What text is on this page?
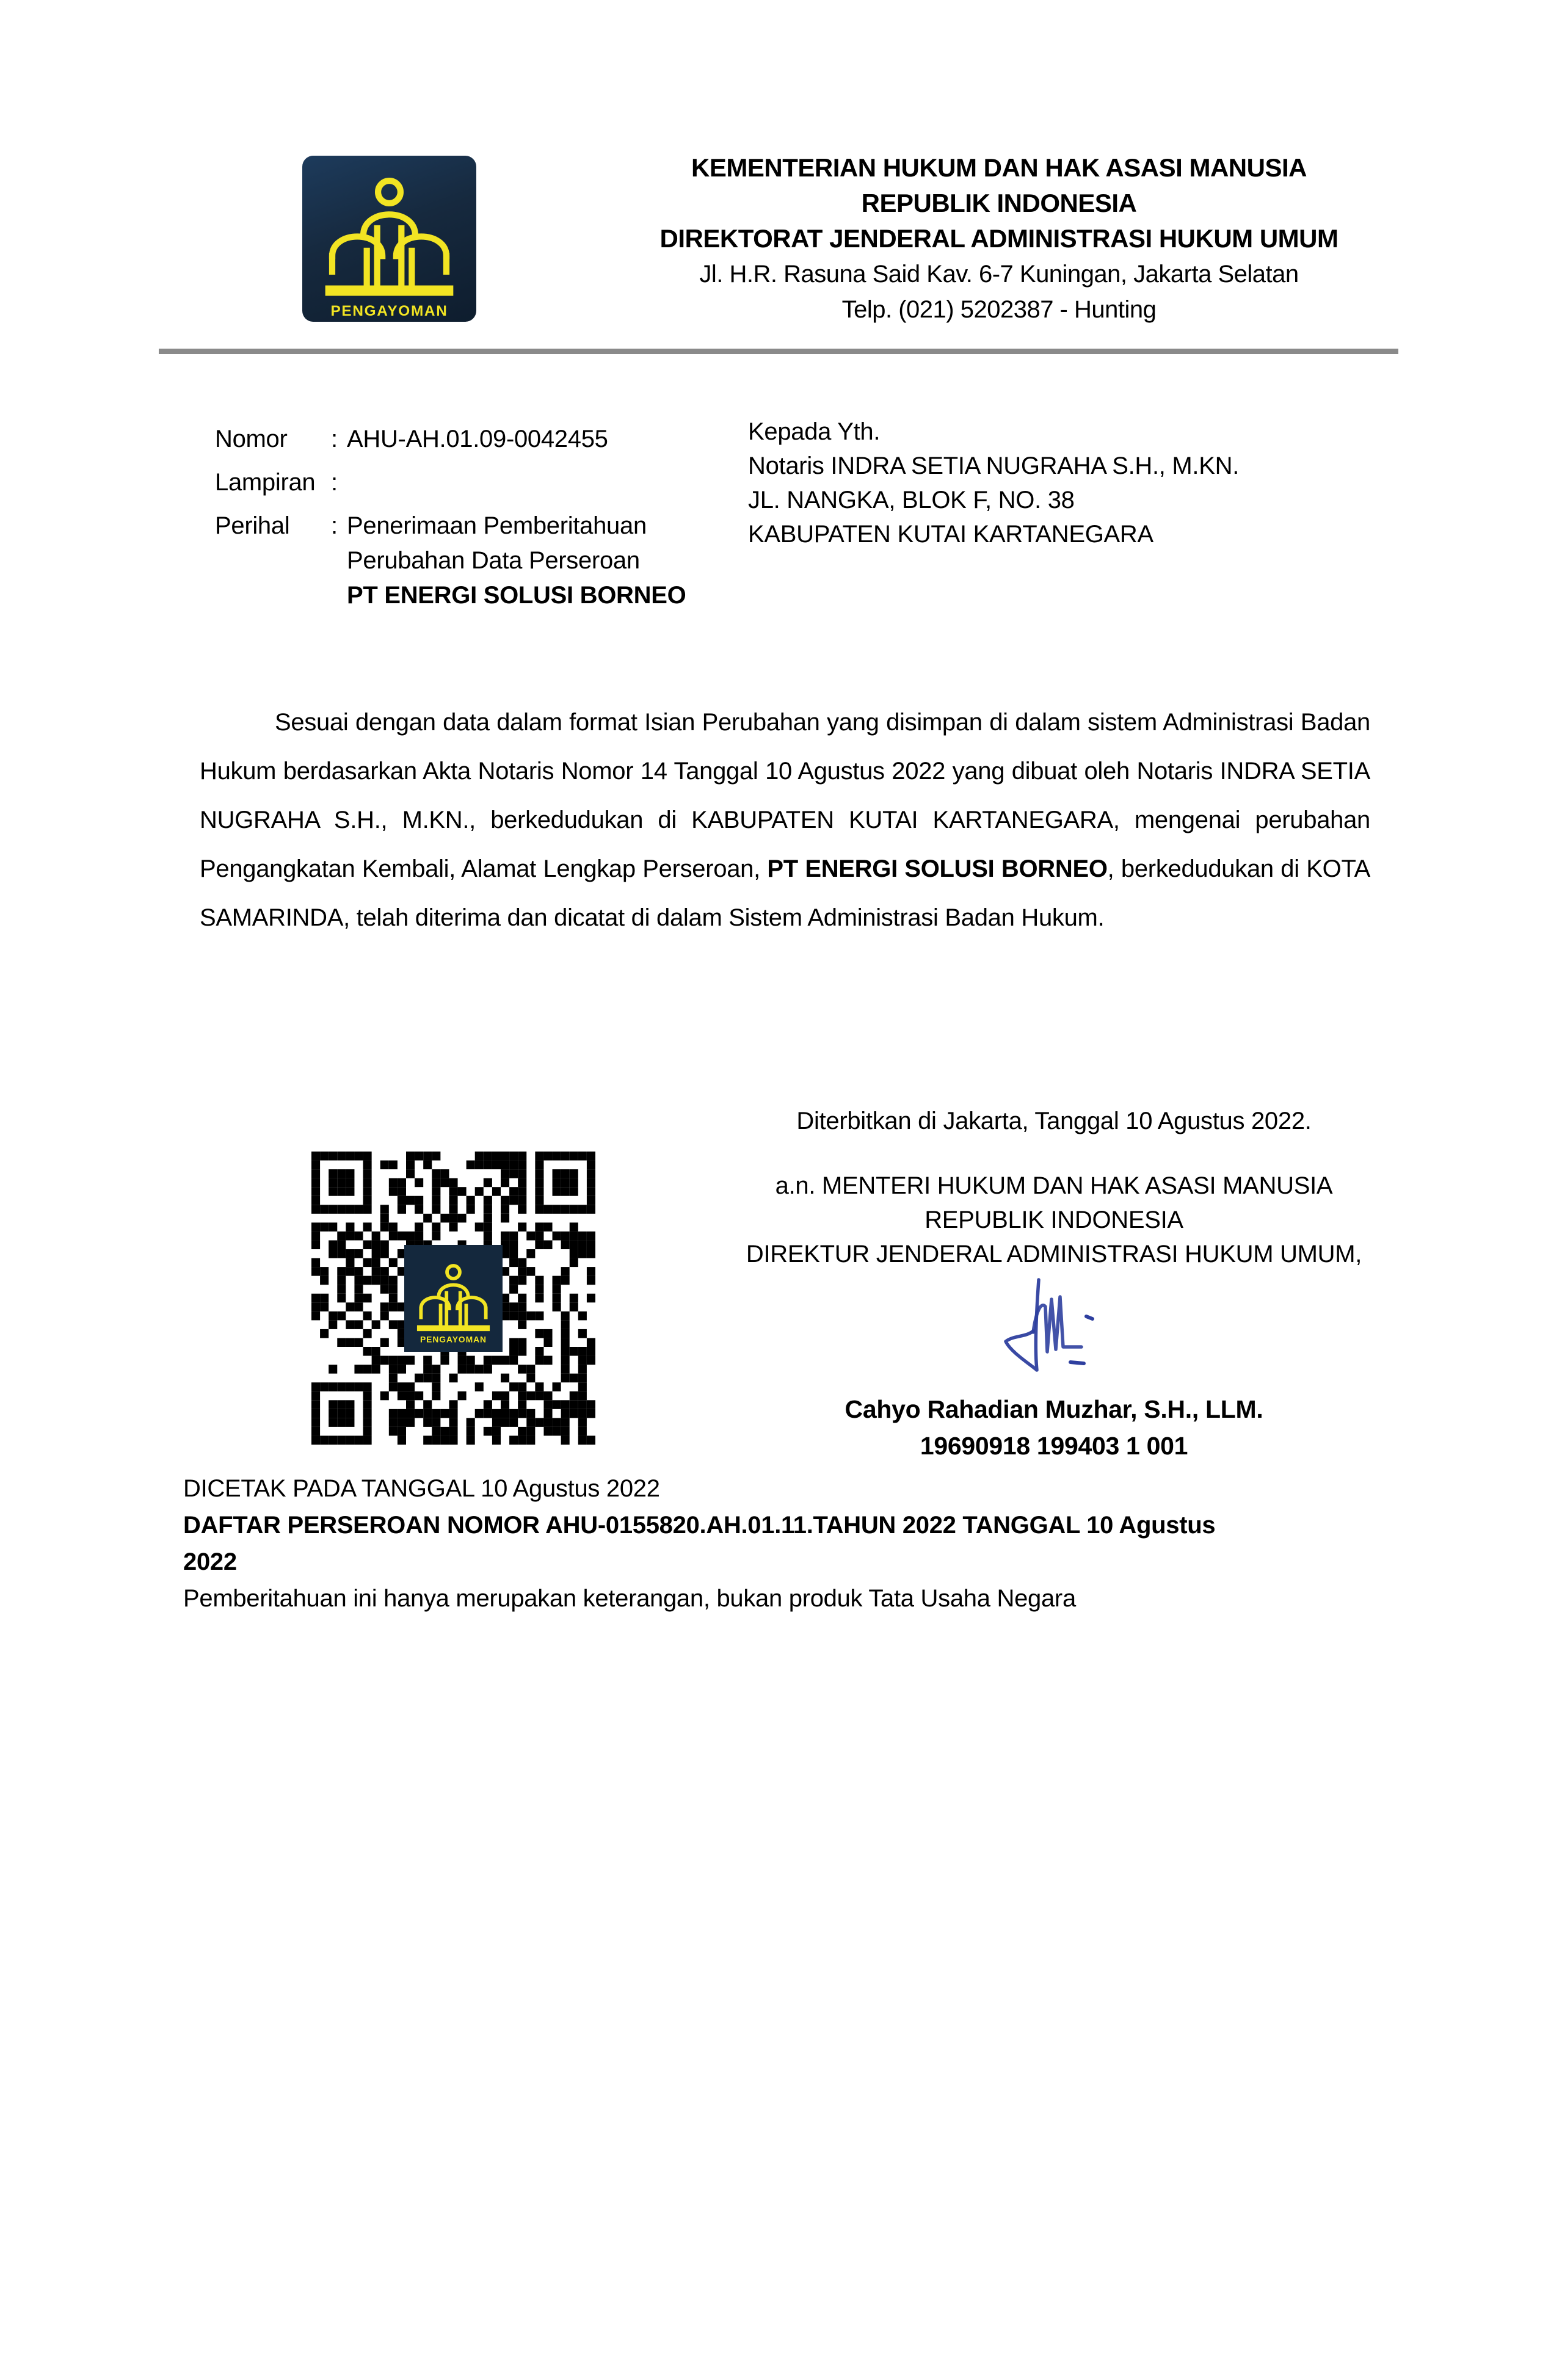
KEMENTERIAN HUKUM DAN HAK ASASI MANUSIA
REPUBLIK INDONESIA
DIREKTORAT JENDERAL ADMINISTRASI HUKUM UMUM
Jl. H.R. Rasuna Said Kav. 6-7 Kuningan, Jakarta Selatan
Telp. (021) 5202387 - Hunting
Nomor	: AHU-AH.01.09-0042455
Lampiran :
Perihal	: Penerimaan Pemberitahuan
Perubahan Data Perseroan
PT ENERGI SOLUSI BORNEO
Kepada Yth.
Notaris INDRA SETIA NUGRAHA S.H., M.KN.
JL. NANGKA, BLOK F, NO. 38
KABUPATEN KUTAI KARTANEGARA

Sesuai dengan data dalam format Isian Perubahan yang disimpan di dalam sistem Administrasi Badan Hukum berdasarkan Akta Notaris Nomor 14 Tanggal 10 Agustus 2022 yang dibuat oleh Notaris INDRA SETIA NUGRAHA S.H., M.KN., berkedudukan di KABUPATEN KUTAI KARTANEGARA, mengenai perubahan Pengangkatan Kembali, Alamat Lengkap Perseroan, PT ENERGI SOLUSI BORNEO, berkedudukan di KOTA SAMARINDA, telah diterima dan dicatat di dalam Sistem Administrasi Badan Hukum.

Diterbitkan di Jakarta, Tanggal 10 Agustus 2022.
a.n. MENTERI HUKUM DAN HAK ASASI MANUSIA
REPUBLIK INDONESIA
DIREKTUR JENDERAL ADMINISTRASI HUKUM UMUM,
Cahyo Rahadian Muzhar, S.H., LLM.
19690918 199403 1 001
DICETAK PADA TANGGAL 10 Agustus 2022
DAFTAR PERSEROAN NOMOR AHU-0155820.AH.01.11.TAHUN 2022 TANGGAL 10 Agustus
2022
Pemberitahuan ini hanya merupakan keterangan, bukan produk Tata Usaha Negara
